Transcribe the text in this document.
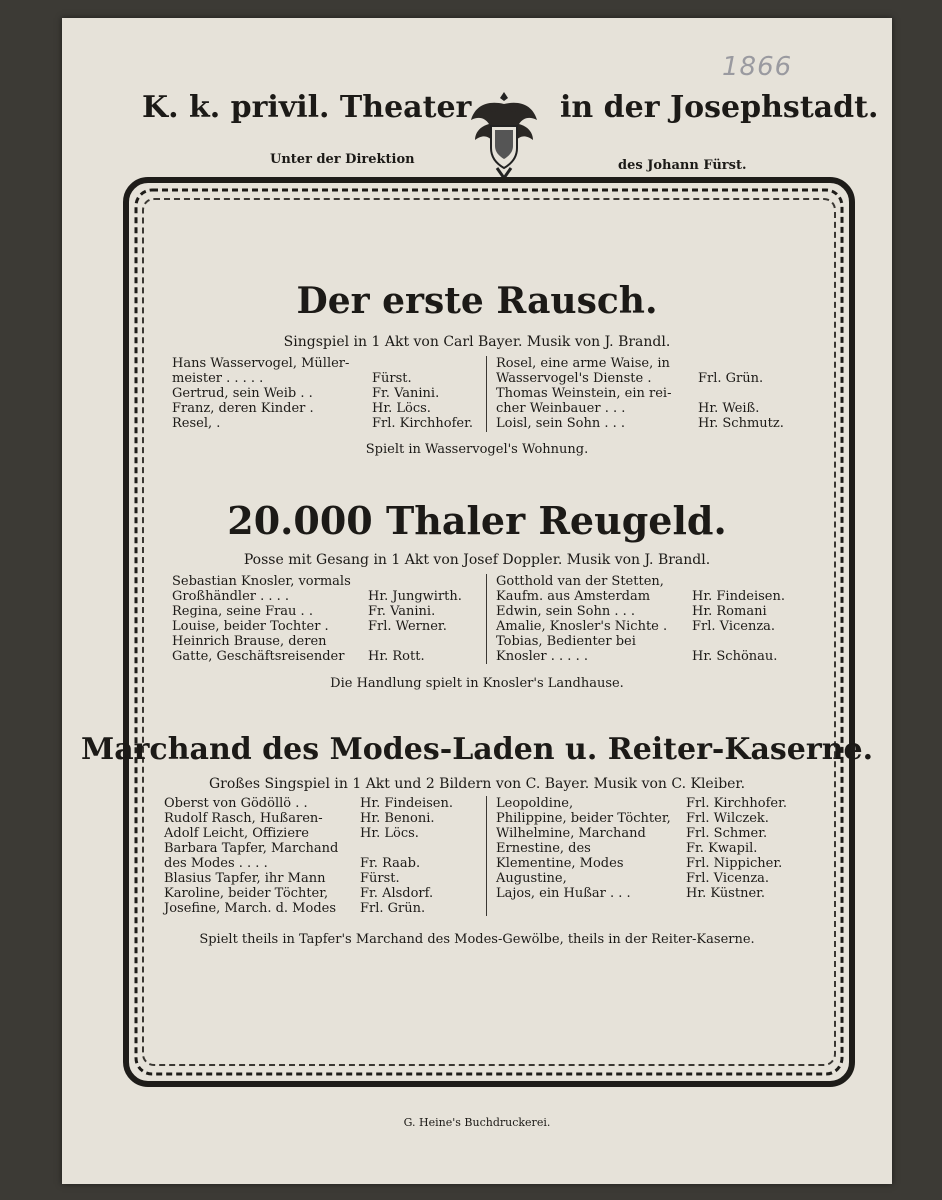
1866
K. k. privil. Theater	in der Josephstadt.
Unter der Direktion	des Johann Fürst.
Der erste Rausch.
Singspiel in 1 Akt von Carl Bayer. Musik von J. Brandl.
Hans Wasservogel, Müller-
meister . . . . .	Fürst.
Gertrud, sein Weib . .	Fr. Vanini.
Franz, deren Kinder .	Hr. Löcs.
Resel, .	Frl. Kirchhofer.
Rosel, eine arme Waise, in
Wasservogel's Dienste .	Frl. Grün.
Thomas Weinstein, ein rei-
cher Weinbauer . . .	Hr. Weiß.
Loisl, sein Sohn . . .	Hr. Schmutz.
Spielt in Wasservogel's Wohnung.
20.000 Thaler Reugeld.
Posse mit Gesang in 1 Akt von Josef Doppler. Musik von J. Brandl.
Sebastian Knosler, vormals
Großhändler . . . .	Hr. Jungwirth.
Regina, seine Frau . .	Fr. Vanini.
Louise, beider Tochter .	Frl. Werner.
Heinrich Brause, deren
Gatte, Geschäftsreisender Hr. Rott.
Gotthold van der Stetten,
Kaufm. aus Amsterdam	Hr. Findeisen.
Edwin, sein Sohn . . .	Hr. Romani
Amalie, Knosler's Nichte . Frl. Vicenza.
Tobias, Bedienter bei
Knosler . . . . .	Hr. Schönau.
Die Handlung spielt in Knosler's Landhause.
Marchand des Modes-Laden u. Reiter-Kaserne.
Großes Singspiel in 1 Akt und 2 Bildern von C. Bayer. Musik von C. Kleiber.
Oberst von Gödöllö . .	Hr. Findeisen.
Rudolf Rasch, Hußaren-	Hr. Benoni.
Adolf Leicht, Offiziere	Hr. Löcs.
Barbara Tapfer, Marchand
des Modes . . . .	Fr. Raab.
Blasius Tapfer, ihr Mann	Fürst.
Karoline, beider Töchter, Fr. Alsdorf.
Josefine, March. d. Modes Frl. Grün.
Leopoldine,	Frl. Kirchhofer.
Philippine, beider Töchter, Frl. Wilczek.
Wilhelmine, Marchand	Frl. Schmer.
Ernestine, des	Fr. Kwapil.
Klementine, Modes	Frl. Nippicher.
Augustine,	Frl. Vicenza.
Lajos, ein Hußar . . .	Hr. Küstner.
Spielt theils in Tapfer's Marchand des Modes-Gewölbe, theils in der Reiter-Kaserne.
G. Heine's Buchdruckerei.
